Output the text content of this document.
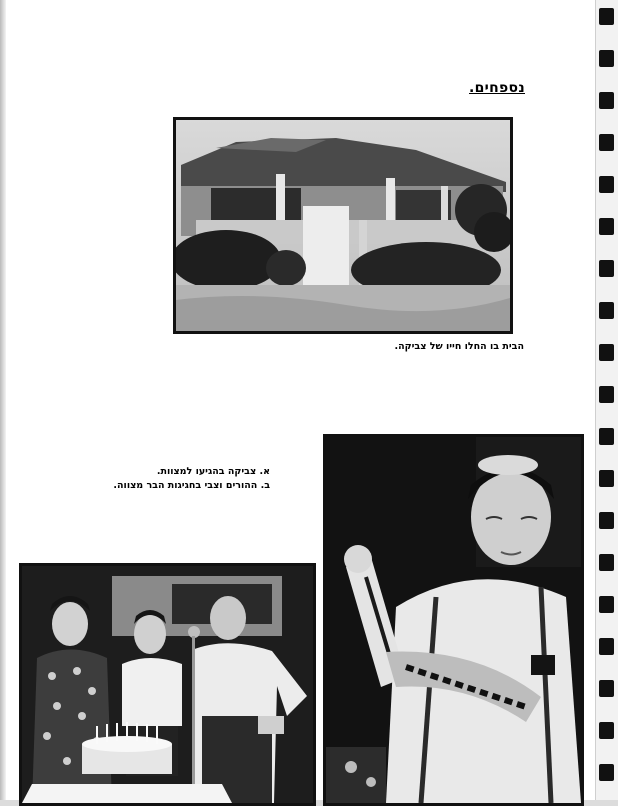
נספחים.
הבית בו החלו חייו של צביקה.
א. צביקה בהגיעו למצוות.
ב. ההורים וצבי בחגיגות הבר מצווה.
